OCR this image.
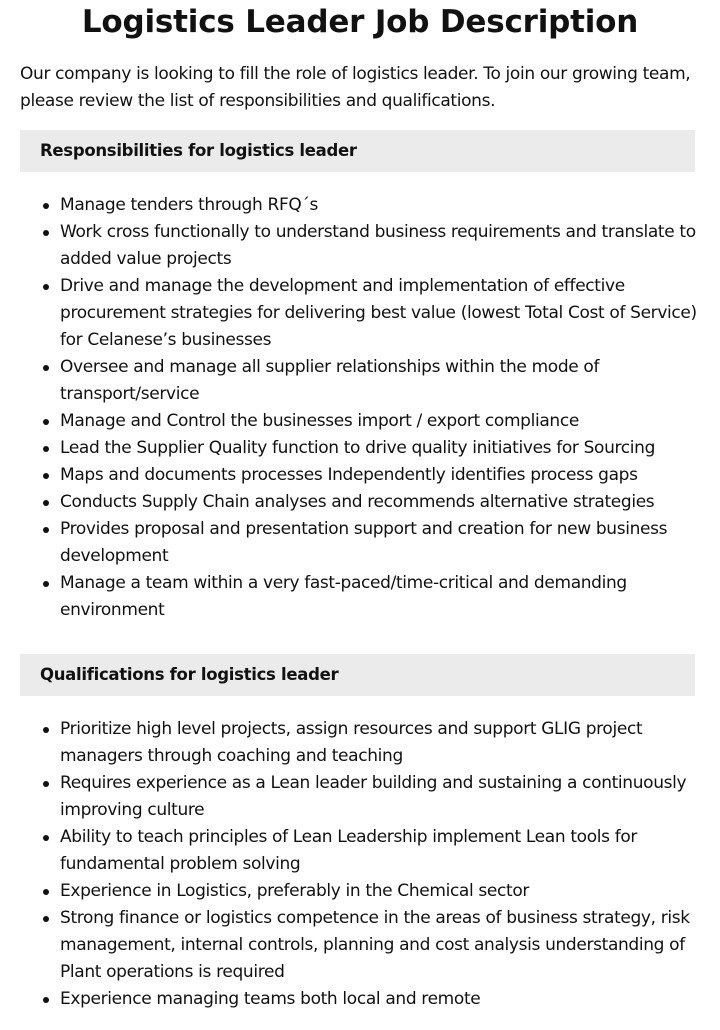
Logistics Leader Job Description

Our company is looking to fill the role of logistics leader. To join our growing team, please review the list of responsibilities and qualifications.

Responsibilities for logistics leader
Manage tenders through RFQ´s
Work cross functionally to understand business requirements and translate to added value projects
Drive and manage the development and implementation of effective procurement strategies for delivering best value (lowest Total Cost of Service) for Celanese’s businesses
Oversee and manage all supplier relationships within the mode of transport/service
Manage and Control the businesses import / export compliance
Lead the Supplier Quality function to drive quality initiatives for Sourcing
Maps and documents processes Independently identifies process gaps
Conducts Supply Chain analyses and recommends alternative strategies
Provides proposal and presentation support and creation for new business development
Manage a team within a very fast-paced/time-critical and demanding environment
Qualifications for logistics leader
Prioritize high level projects, assign resources and support GLIG project managers through coaching and teaching
Requires experience as a Lean leader building and sustaining a continuously improving culture
Ability to teach principles of Lean Leadership implement Lean tools for fundamental problem solving
Experience in Logistics, preferably in the Chemical sector
Strong finance or logistics competence in the areas of business strategy, risk management, internal controls, planning and cost analysis understanding of Plant operations is required
Experience managing teams both local and remote
